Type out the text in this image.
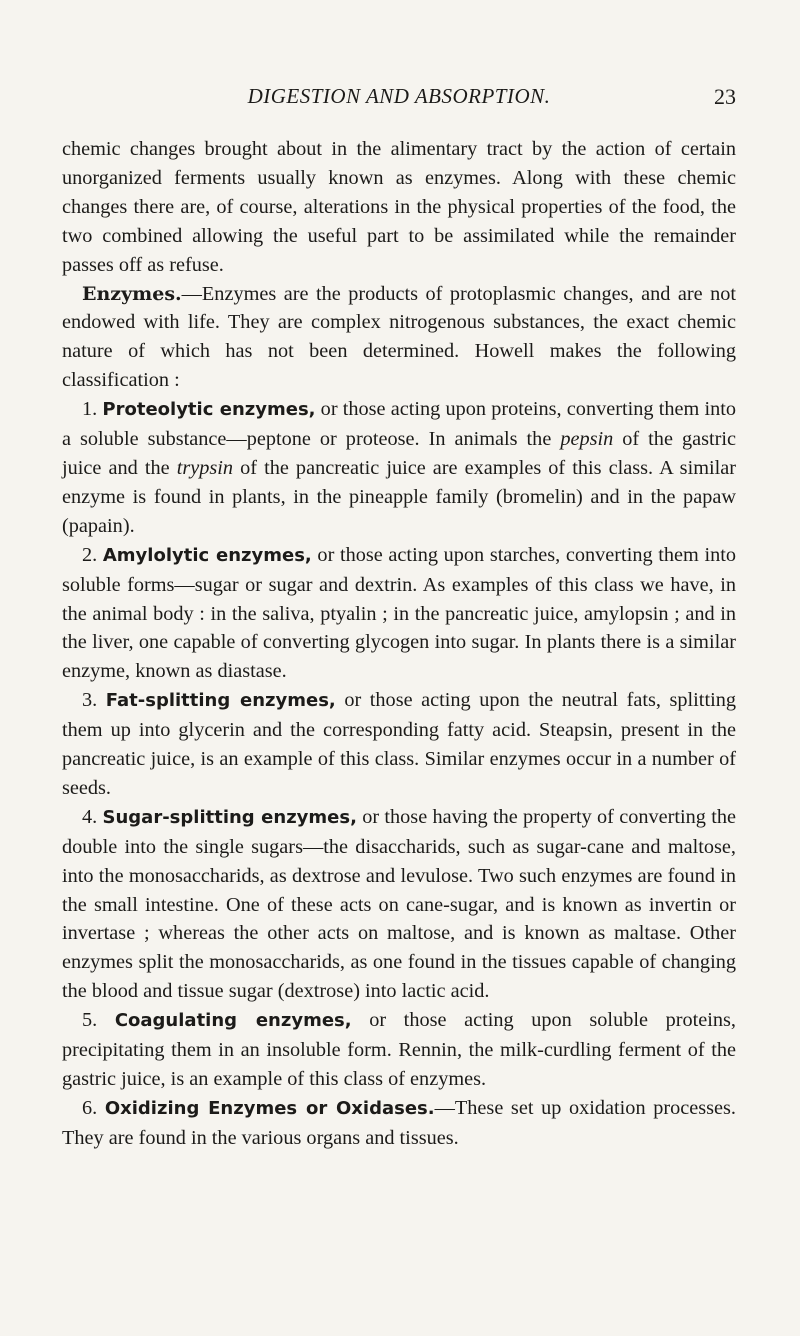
DIGESTION AND ABSORPTION.	23

chemic changes brought about in the alimentary tract by the action of certain unorganized ferments usually known as enzymes. Along with these chemic changes there are, of course, alterations in the physical properties of the food, the two combined allowing the useful part to be assimilated while the remainder passes off as refuse.

Enzymes.—Enzymes are the products of protoplasmic changes, and are not endowed with life. They are complex nitrogenous substances, the exact chemic nature of which has not been determined. Howell makes the following classification :

1. Proteolytic enzymes, or those acting upon proteins, converting them into a soluble substance—peptone or proteose. In animals the pepsin of the gastric juice and the trypsin of the pancreatic juice are examples of this class. A similar enzyme is found in plants, in the pineapple family (bromelin) and in the papaw (papain).

2. Amylolytic enzymes, or those acting upon starches, converting them into soluble forms—sugar or sugar and dextrin. As examples of this class we have, in the animal body : in the saliva, ptyalin ; in the pancreatic juice, amylopsin ; and in the liver, one capable of converting glycogen into sugar. In plants there is a similar enzyme, known as diastase.

3. Fat-splitting enzymes, or those acting upon the neutral fats, splitting them up into glycerin and the corresponding fatty acid. Steapsin, present in the pancreatic juice, is an example of this class. Similar enzymes occur in a number of seeds.

4. Sugar-splitting enzymes, or those having the property of converting the double into the single sugars—the disaccharids, such as sugar-cane and maltose, into the monosaccharids, as dextrose and levulose. Two such enzymes are found in the small intestine. One of these acts on cane-sugar, and is known as invertin or invertase ; whereas the other acts on maltose, and is known as maltase. Other enzymes split the monosaccharids, as one found in the tissues capable of changing the blood and tissue sugar (dextrose) into lactic acid.

5. Coagulating enzymes, or those acting upon soluble proteins, precipitating them in an insoluble form. Rennin, the milk-curdling ferment of the gastric juice, is an example of this class of enzymes.

6. Oxidizing Enzymes or Oxidases.—These set up oxidation processes. They are found in the various organs and tissues.
